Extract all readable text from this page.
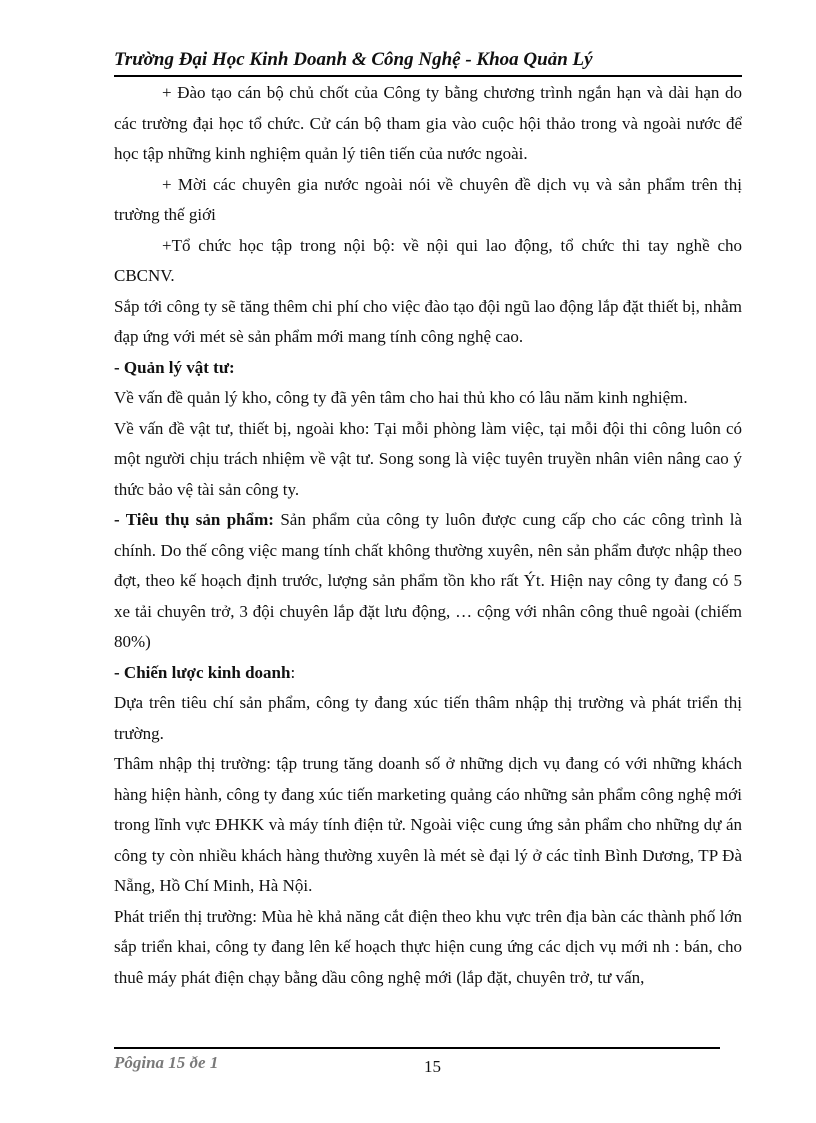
Trường Đại Học Kinh Doanh & Công Nghệ - Khoa Quản Lý

+ Đào tạo cán bộ chủ chốt của Công ty bằng chương trình ngắn hạn và dài hạn do các trường đại học tổ chức. Cử cán bộ tham gia vào cuộc hội thảo trong và ngoài nước để học tập những kinh nghiệm quản lý tiên tiến của nước ngoài.

+ Mời các chuyên gia nước ngoài nói về chuyên đề dịch vụ và sản phẩm trên thị trường thế giới

+Tổ chức học tập trong nội bộ: về nội qui lao động, tổ chức thi tay nghề cho CBCNV.

Sắp tới công ty sẽ tăng thêm chi phí cho việc đào tạo đội ngũ lao động lắp đặt thiết bị, nhằm đạp ứng với mét sè sản phẩm mới mang tính công nghệ cao.

- Quản lý vật tư:

Về vấn đề quản lý kho, công ty đã yên tâm cho hai thủ kho có lâu năm kinh nghiệm.

Về vấn đề vật tư, thiết bị, ngoài kho: Tại mỗi phòng làm việc, tại mỗi đội thi công luôn có một người chịu trách nhiệm về vật tư. Song song là việc tuyên truyền nhân viên nâng cao ý thức bảo vệ tài sản công ty.

- Tiêu thụ sản phẩm: Sản phẩm của công ty luôn được cung cấp cho các công trình là chính. Do thế công việc mang tính chất không thường xuyên, nên sản phẩm được nhập theo đợt, theo kế hoạch định trước, lượng sản phẩm tồn kho rất Ýt. Hiện nay công ty đang có 5 xe tải chuyên trở, 3 đội chuyên lắp đặt lưu động, … cộng với nhân công thuê ngoài (chiếm 80%)

- Chiến lược kinh doanh:

Dựa trên tiêu chí sản phẩm, công ty đang xúc tiến thâm nhập thị trường và phát triển thị trường.

Thâm nhập thị trường: tập trung tăng doanh số ở những dịch vụ đang có với những khách hàng hiện hành, công ty đang xúc tiến marketing quảng cáo những sản phẩm công nghệ mới trong lĩnh vực ĐHKK và máy tính điện tử. Ngoài việc cung ứng sản phẩm cho những dự án công ty còn nhiều khách hàng thường xuyên là mét sè đại lý ở các tỉnh Bình Dương, TP Đà Nẵng, Hồ Chí Minh, Hà Nội.

Phát triển thị trường: Mùa hè khả năng cắt điện theo khu vực trên địa bàn các thành phố lớn sắp triển khai, công ty đang lên kế hoạch thực hiện cung ứng các dịch vụ mới nh : bán, cho thuê máy phát điện chạy bằng dầu công nghệ mới (lắp đặt, chuyên trở, tư vấn,

Pôgina 15 ðe 1	15
